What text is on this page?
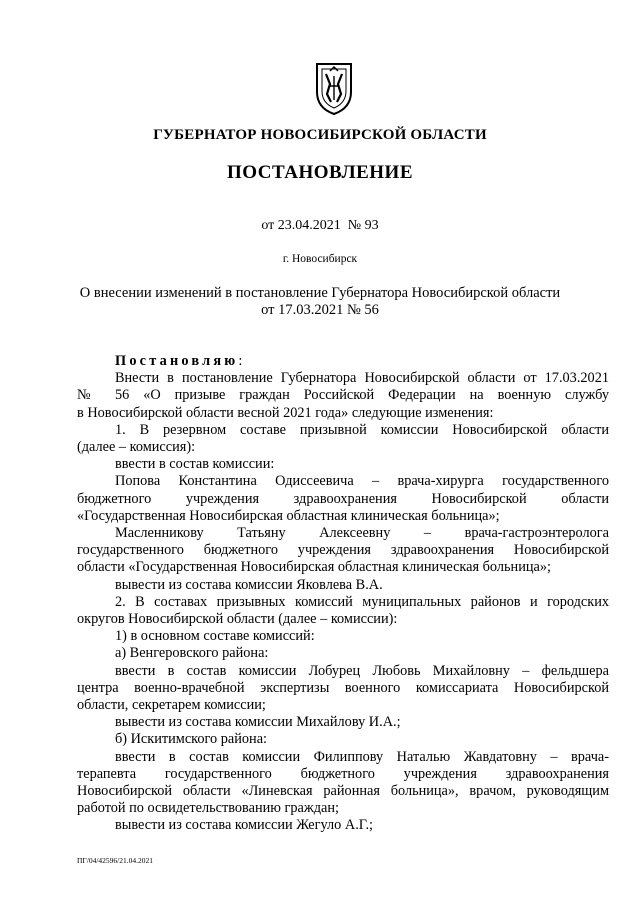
ГУБЕРНАТОР НОВОСИБИРСКОЙ ОБЛАСТИ
ПОСТАНОВЛЕНИЕ
от 23.04.2021  № 93
г. Новосибирск
О внесении изменений в постановление Губернатора Новосибирской области
от 17.03.2021 № 56
Постановляю:
Внести в постановление Губернатора Новосибирской области от 17.03.2021
№ 56 «О призыве граждан Российской Федерации на военную службу
в Новосибирской области весной 2021 года» следующие изменения:
1. В резервном составе призывной комиссии Новосибирской области
(далее – комиссия):
ввести в состав комиссии:
Попова Константина Одиссеевича – врача-хирурга государственного
бюджетного учреждения здравоохранения Новосибирской области
«Государственная Новосибирская областная клиническая больница»;
Масленникову Татьяну Алексеевну – врача-гастроэнтеролога
государственного бюджетного учреждения здравоохранения Новосибирской
области «Государственная Новосибирская областная клиническая больница»;
вывести из состава комиссии Яковлева В.А.
2. В составах призывных комиссий муниципальных районов и городских
округов Новосибирской области (далее – комиссии):
1) в основном составе комиссий:
а) Венгеровского района:
ввести в состав комиссии Лобурец Любовь Михайловну – фельдшера
центра военно-врачебной экспертизы военного комиссариата Новосибирской
области, секретарем комиссии;
вывести из состава комиссии Михайлову И.А.;
б) Искитимского района:
ввести в состав комиссии Филиппову Наталью Жавдатовну – врача-
терапевта государственного бюджетного учреждения здравоохранения
Новосибирской области «Линевская районная больница», врачом, руководящим
работой по освидетельствованию граждан;
вывести из состава комиссии Жегуло А.Г.;
ПГ/04/42596/21.04.2021
